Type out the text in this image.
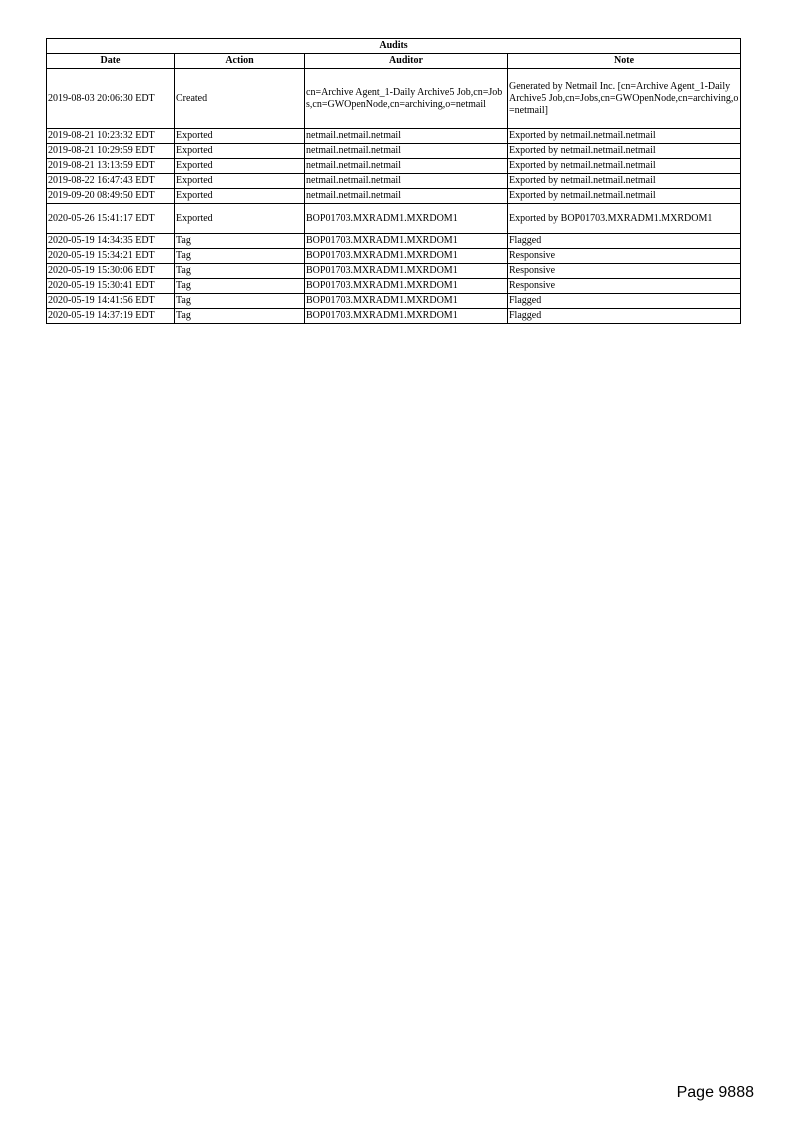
Audits			
Date	Action	Auditor	Note
2019-08-03 20:06:30 EDT	Created	cn=Archive Agent_1-Daily Archive5 Job,cn=Jobs,cn=GWOpenNode,cn=archiving,o=netmail	Generated by Netmail Inc. [cn=Archive Agent_1-Daily Archive5 Job,cn=Jobs,cn=GWOpenNode,cn=archiving,o=netmail]
2019-08-21 10:23:32 EDT	Exported	netmail.netmail.netmail	Exported by netmail.netmail.netmail
2019-08-21 10:29:59 EDT	Exported	netmail.netmail.netmail	Exported by netmail.netmail.netmail
2019-08-21 13:13:59 EDT	Exported	netmail.netmail.netmail	Exported by netmail.netmail.netmail
2019-08-22 16:47:43 EDT	Exported	netmail.netmail.netmail	Exported by netmail.netmail.netmail
2019-09-20 08:49:50 EDT	Exported	netmail.netmail.netmail	Exported by netmail.netmail.netmail
2020-05-26 15:41:17 EDT	Exported	BOP01703.MXRADM1.MXRDOM1	Exported by BOP01703.MXRADM1.MXRDOM1
2020-05-19 14:34:35 EDT	Tag	BOP01703.MXRADM1.MXRDOM1	Flagged
2020-05-19 15:34:21 EDT	Tag	BOP01703.MXRADM1.MXRDOM1	Responsive
2020-05-19 15:30:06 EDT	Tag	BOP01703.MXRADM1.MXRDOM1	Responsive
2020-05-19 15:30:41 EDT	Tag	BOP01703.MXRADM1.MXRDOM1	Responsive
2020-05-19 14:41:56 EDT	Tag	BOP01703.MXRADM1.MXRDOM1	Flagged
2020-05-19 14:37:19 EDT	Tag	BOP01703.MXRADM1.MXRDOM1	Flagged
Page 9888
